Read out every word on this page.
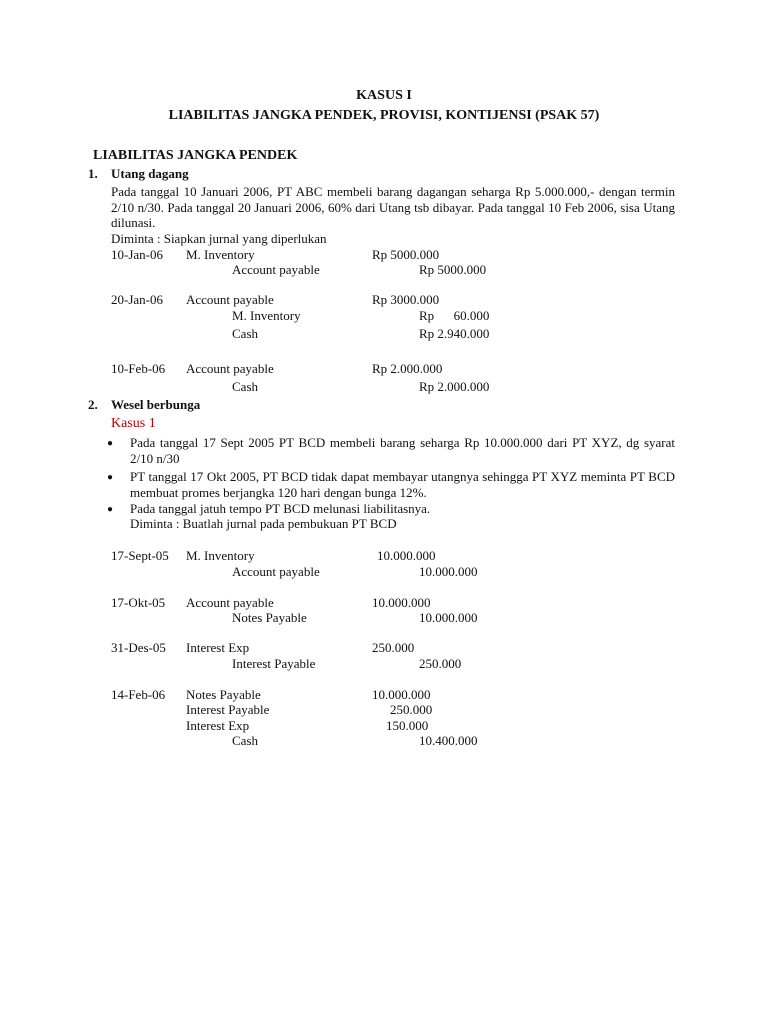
KASUS I
LIABILITAS JANGKA PENDEK, PROVISI, KONTIJENSI (PSAK 57)
LIABILITAS JANGKA PENDEK
1. Utang dagang
Pada tanggal 10 Januari 2006, PT ABC membeli barang dagangan seharga Rp 5.000.000,- dengan termin 2/10 n/30. Pada tanggal 20 Januari 2006, 60% dari Utang tsb dibayar. Pada tanggal 10 Feb 2006, sisa Utang dilunasi.
Diminta : Siapkan jurnal yang diperlukan
10-Jan-06 M. Inventory	Rp 5000.000
Account payable	Rp 5000.000
20-Jan-06 Account payable	Rp 3000.000
M. Inventory	Rp      60.000
Cash	Rp 2.940.000
10-Feb-06 Account payable	Rp 2.000.000
Cash	Rp 2.000.000
2. Wesel berbunga
Kasus 1
● Pada tanggal 17 Sept 2005 PT BCD membeli barang seharga Rp 10.000.000 dari PT XYZ, dg syarat 2/10 n/30
● PT tanggal 17 Okt 2005, PT BCD tidak dapat membayar utangnya sehingga PT XYZ meminta PT BCD membuat promes berjangka 120 hari dengan bunga 12%.
● Pada tanggal jatuh tempo PT BCD melunasi liabilitasnya.
Diminta : Buatlah jurnal pada pembukuan PT BCD
17-Sept-05 M. Inventory	10.000.000
Account payable	10.000.000
17-Okt-05 Account payable	10.000.000
Notes Payable	10.000.000
31-Des-05 Interest Exp	250.000
Interest Payable	250.000
14-Feb-06 Notes Payable	10.000.000
Interest Payable	250.000
Interest Exp	150.000
Cash	10.400.000
